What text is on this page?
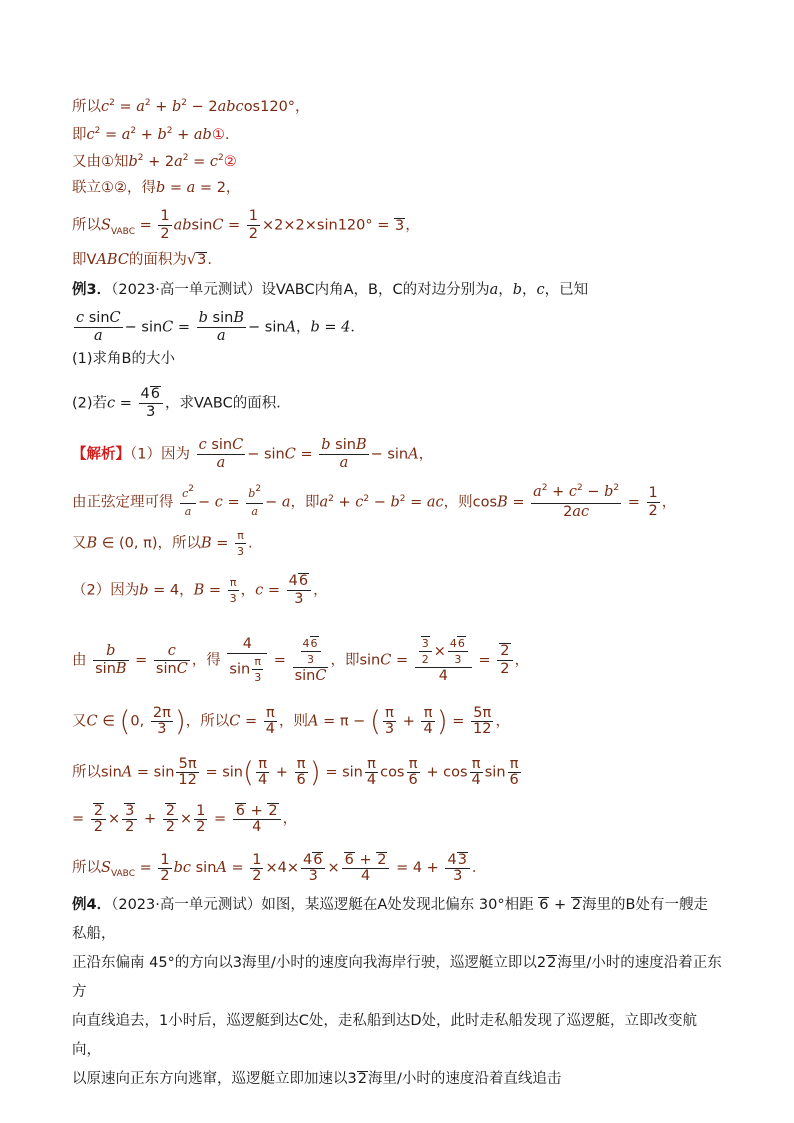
所以$c^2 = a^2 + b^2 - 2abcos120^\circ$，
即$c^2 = a^2 + b^2$ + ab①.
又由①知$b^2 + 2a^2$ = $c^2②$
联立①②，得b = a = 2，
所以$S_{VABC} = \frac{1}{2}$ $absinC = \frac{1}{2} \times 2\times 2\times\sin 120^\circ = 3$，
即VABC的面积为√3.
例3．（2023·高一单元测试）设VABC内角A，B，C的对边分别为a，b，c，已知
$\frac{\text{c sinC}}{a} - \sin C = \frac{\text{b sinB}}{a} - \sin A$，b = 4．
(1)求角B的大小
(2)若$c = \frac{46}{3}$ ，求VABC的面积．
【解析】（1）因为 $\frac{\text{c sinC}}{a} - \sin C = \frac{\text{b sinB}}{a} - \sin A$，
由正弦定理可得 $\frac{c^2}{a} - c = \frac{b^2}{a} - a$，即$a^2 + c^2 - b^2$ = ac，则$\cos B = \frac{a^2 + c^2 - b^2}{2ac} = \frac{1}{2}$ ，
又B ∈ (0, π)，所以$B = \frac{\pi}{3}$ .
（2）因为b = 4，$B = \frac{\pi}{3}$ ，$c = \frac{46}{3}$ ，
由 $\frac{b}{\sin B} = \frac{c}{\sin C}$ ，得 $\frac{4}{\sin \frac{\pi}{3}} = \frac{\frac{46}{3}}{\sin C}$ ，即$\sin C = \frac{\frac{3}{2} \times \frac{46}{3}}{4} = \frac{2}{2}$ ，
又C ∈ (0, $\frac{2\pi}{3}$ )，所以$C = \frac{\pi}{4}$ ，则A = π − ( $\frac{\pi}{3} + \frac{\pi}{4}$ ) = $\frac{5\pi}{12}$ ，
所以$\sin A = \sin \frac{5\pi}{12} = \sin( \frac{\pi}{4} + \frac{\pi}{6}$ ) = $\sin \frac{\pi}{4}$ $\cos \frac{\pi}{6} + \cos \frac{\pi}{4}$ $\sin \frac{\pi}{6}$
= $\frac{2}{2} \times \frac{3}{2} + \frac{2}{2} \times \frac{1}{2} = \frac{6 + 2}{4}$ ，
所以$S_{VABC} = \frac{1}{2}$ bc $\sin A = \frac{1}{2} \times 4\times \frac{46}{3} \times \frac{6 + 2}{4} = 4 + \frac{43}{3}$ ．
例4．（2023·高一单元测试）如图，某巡逻艇在A处发现北偏东 30°相距 6 + 2海里的B处有一艘走私船，
正沿东偏南 45°的方向以3海里/小时的速度向我海岸行驶，巡逻艇立即以22海里/小时的速度沿着正东方
向直线追去，1小时后，巡逻艇到达C处，走私船到达D处，此时走私船发现了巡逻艇，立即改变航向，
以原速向正东方向逃窜，巡逻艇立即加速以32海里/小时的速度沿着直线追击
